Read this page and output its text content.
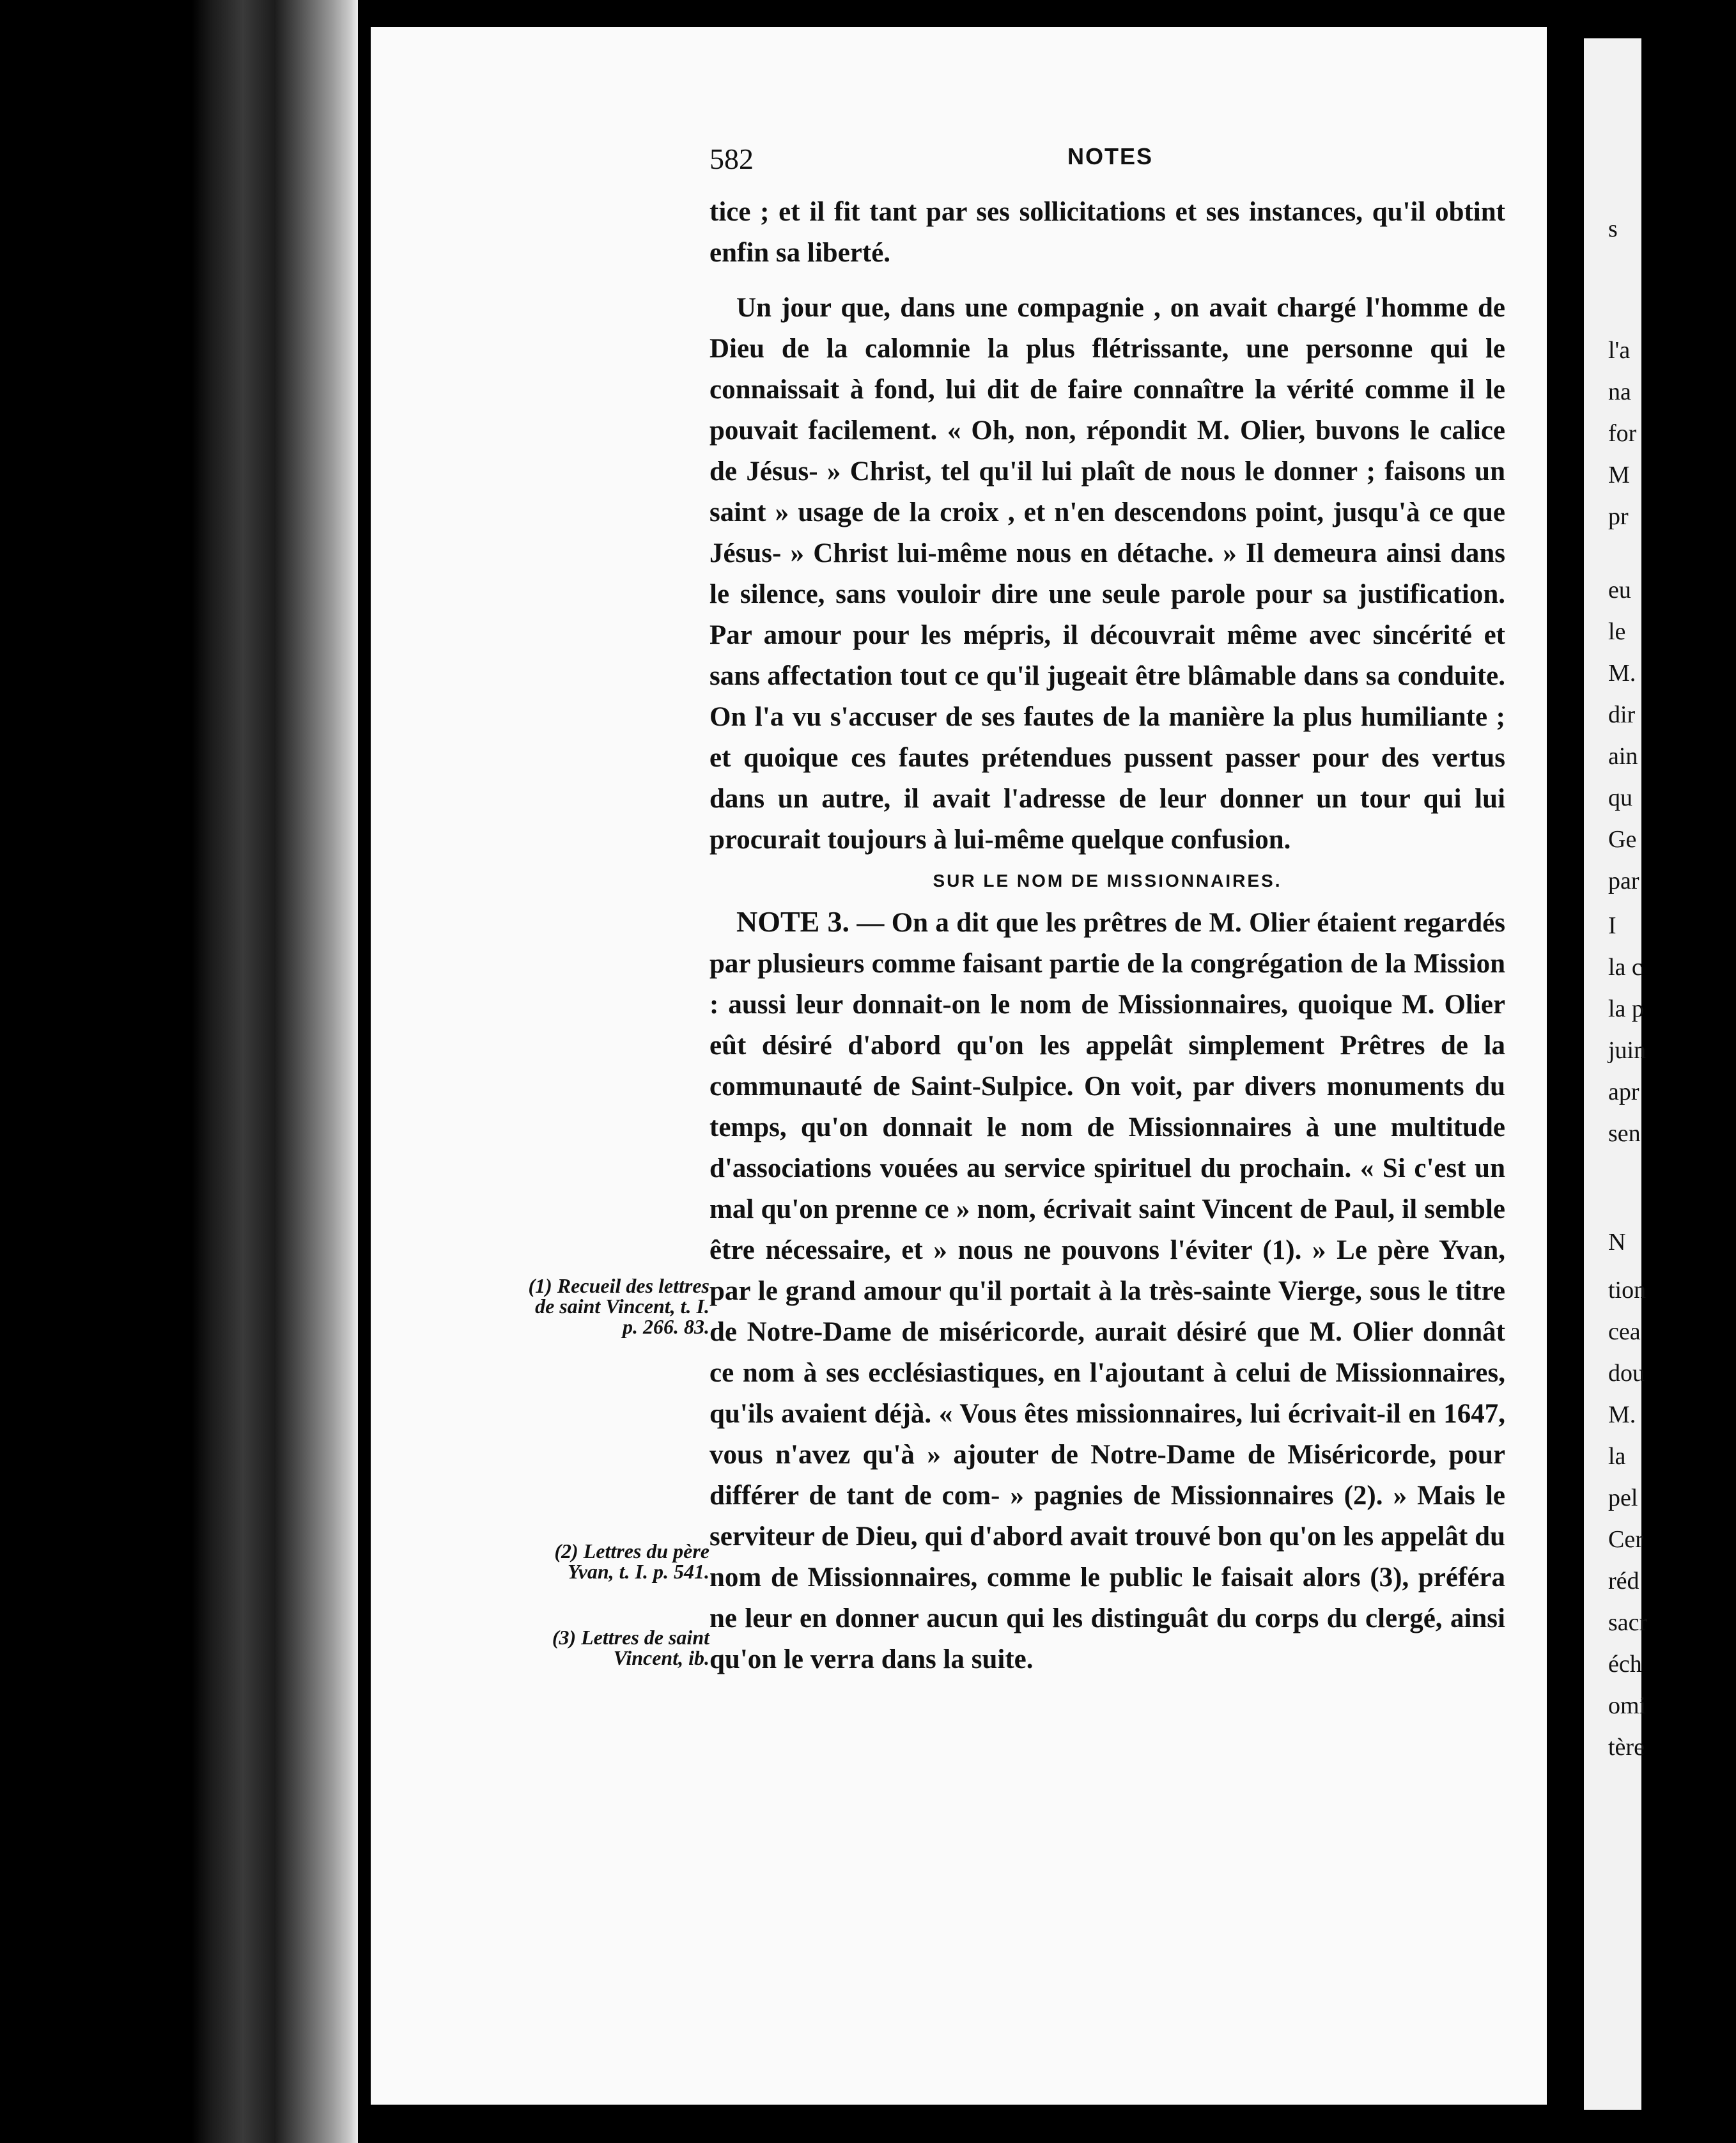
s
l'a
na
for
M
pr
eu
le
M.
dir
ain
qu
Ge
par
I
la c
la p
juin
apr
sen
N
tion
cea
dou
M.
la
pel
Cer
réd
sacr
éch
omi
tère
582	NOTES

tice ; et il fit tant par ses sollicitations et ses instances, qu'il obtint enfin sa liberté.

Un jour que, dans une compagnie , on avait chargé l'homme de Dieu de la calomnie la plus flétrissante, une personne qui le connaissait à fond, lui dit de faire connaître la vérité comme il le pouvait facilement. « Oh, non, répondit M. Olier, buvons le calice de Jésus- » Christ, tel qu'il lui plaît de nous le donner ; faisons un saint » usage de la croix , et n'en descendons point, jusqu'à ce que Jésus- » Christ lui-même nous en détache. » Il demeura ainsi dans le silence, sans vouloir dire une seule parole pour sa justification. Par amour pour les mépris, il découvrait même avec sincérité et sans affectation tout ce qu'il jugeait être blâmable dans sa conduite. On l'a vu s'accuser de ses fautes de la manière la plus humiliante ; et quoique ces fautes prétendues pussent passer pour des vertus dans un autre, il avait l'adresse de leur donner un tour qui lui procurait toujours à lui-même quelque confusion.

SUR LE NOM DE MISSIONNAIRES.

NOTE 3. — On a dit que les prêtres de M. Olier étaient regardés par plusieurs comme faisant partie de la congrégation de la Mission : aussi leur donnait-on le nom de Missionnaires, quoique M. Olier eût désiré d'abord qu'on les appelât simplement Prêtres de la communauté de Saint-Sulpice. On voit, par divers monuments du temps, qu'on donnait le nom de Missionnaires à une multitude d'associations vouées au service spirituel du prochain. « Si c'est un mal qu'on prenne ce » nom, écrivait saint Vincent de Paul, il semble être nécessaire, et » nous ne pouvons l'éviter (1). » Le père Yvan, par le grand amour qu'il portait à la très-sainte Vierge, sous le titre de Notre-Dame de miséricorde, aurait désiré que M. Olier donnât ce nom à ses ecclésiastiques, en l'ajoutant à celui de Missionnaires, qu'ils avaient déjà. « Vous êtes missionnaires, lui écrivait-il en 1647, vous n'avez qu'à » ajouter de Notre-Dame de Miséricorde, pour différer de tant de com- » pagnies de Missionnaires (2). » Mais le serviteur de Dieu, qui d'abord avait trouvé bon qu'on les appelât du nom de Missionnaires, comme le public le faisait alors (3), préféra ne leur en donner aucun qui les distinguât du corps du clergé, ainsi qu'on le verra dans la suite.

(1) Recueil des lettres de saint Vincent, t. I. p. 266. 83.
(2) Lettres du père Yvan, t. I. p. 541.
(3) Lettres de saint Vincent, ib.
